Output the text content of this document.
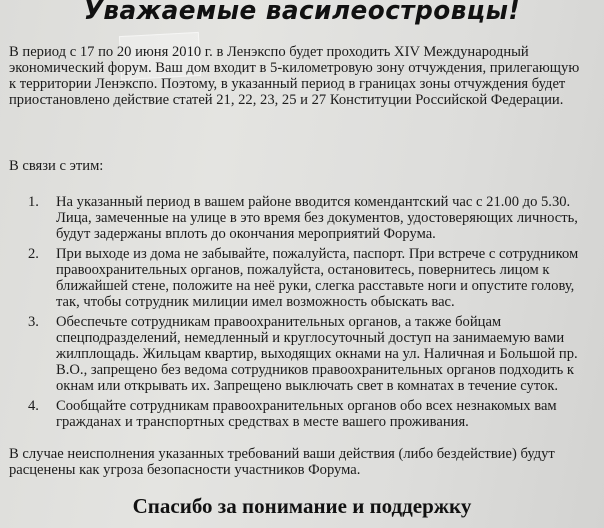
Уважаемые василеостровцы!

В период с 17 по 20 июня 2010 г. в Ленэкспо будет проходить XIV Международный экономический форум. Ваш дом входит в 5-километровую зону отчуждения, прилегающую к территории Ленэкспо. Поэтому, в указанный период в границах зоны отчуждения будет приостановлено действие статей 21, 22, 23, 25 и 27 Конституции Российской Федерации.

В связи с этим:

1. На указанный период в вашем районе вводится комендантский час с 21.00 до 5.30. Лица, замеченные на улице в это время без документов, удостоверяющих личность, будут задержаны вплоть до окончания мероприятий Форума.
2. При выходе из дома не забывайте, пожалуйста, паспорт. При встрече с сотрудником правоохранительных органов, пожалуйста, остановитесь, повернитесь лицом к ближайшей стене, положите на неё руки, слегка расставьте ноги и опустите голову, так, чтобы сотрудник милиции имел возможность обыскать вас.
3. Обеспечьте сотрудникам правоохранительных органов, а также бойцам спецподразделений, немедленный и круглосуточный доступ на занимаемую вами жилплощадь. Жильцам квартир, выходящих окнами на ул. Наличная и Большой пр. В.О., запрещено без ведома сотрудников правоохранительных органов подходить к окнам или открывать их. Запрещено выключать свет в комнатах в течение суток.
4. Сообщайте сотрудникам правоохранительных органов обо всех незнакомых вам гражданах и транспортных средствах в месте вашего проживания.

В случае неисполнения указанных требований ваши действия (либо бездействие) будут расценены как угроза безопасности участников Форума.

Спасибо за понимание и поддержку
